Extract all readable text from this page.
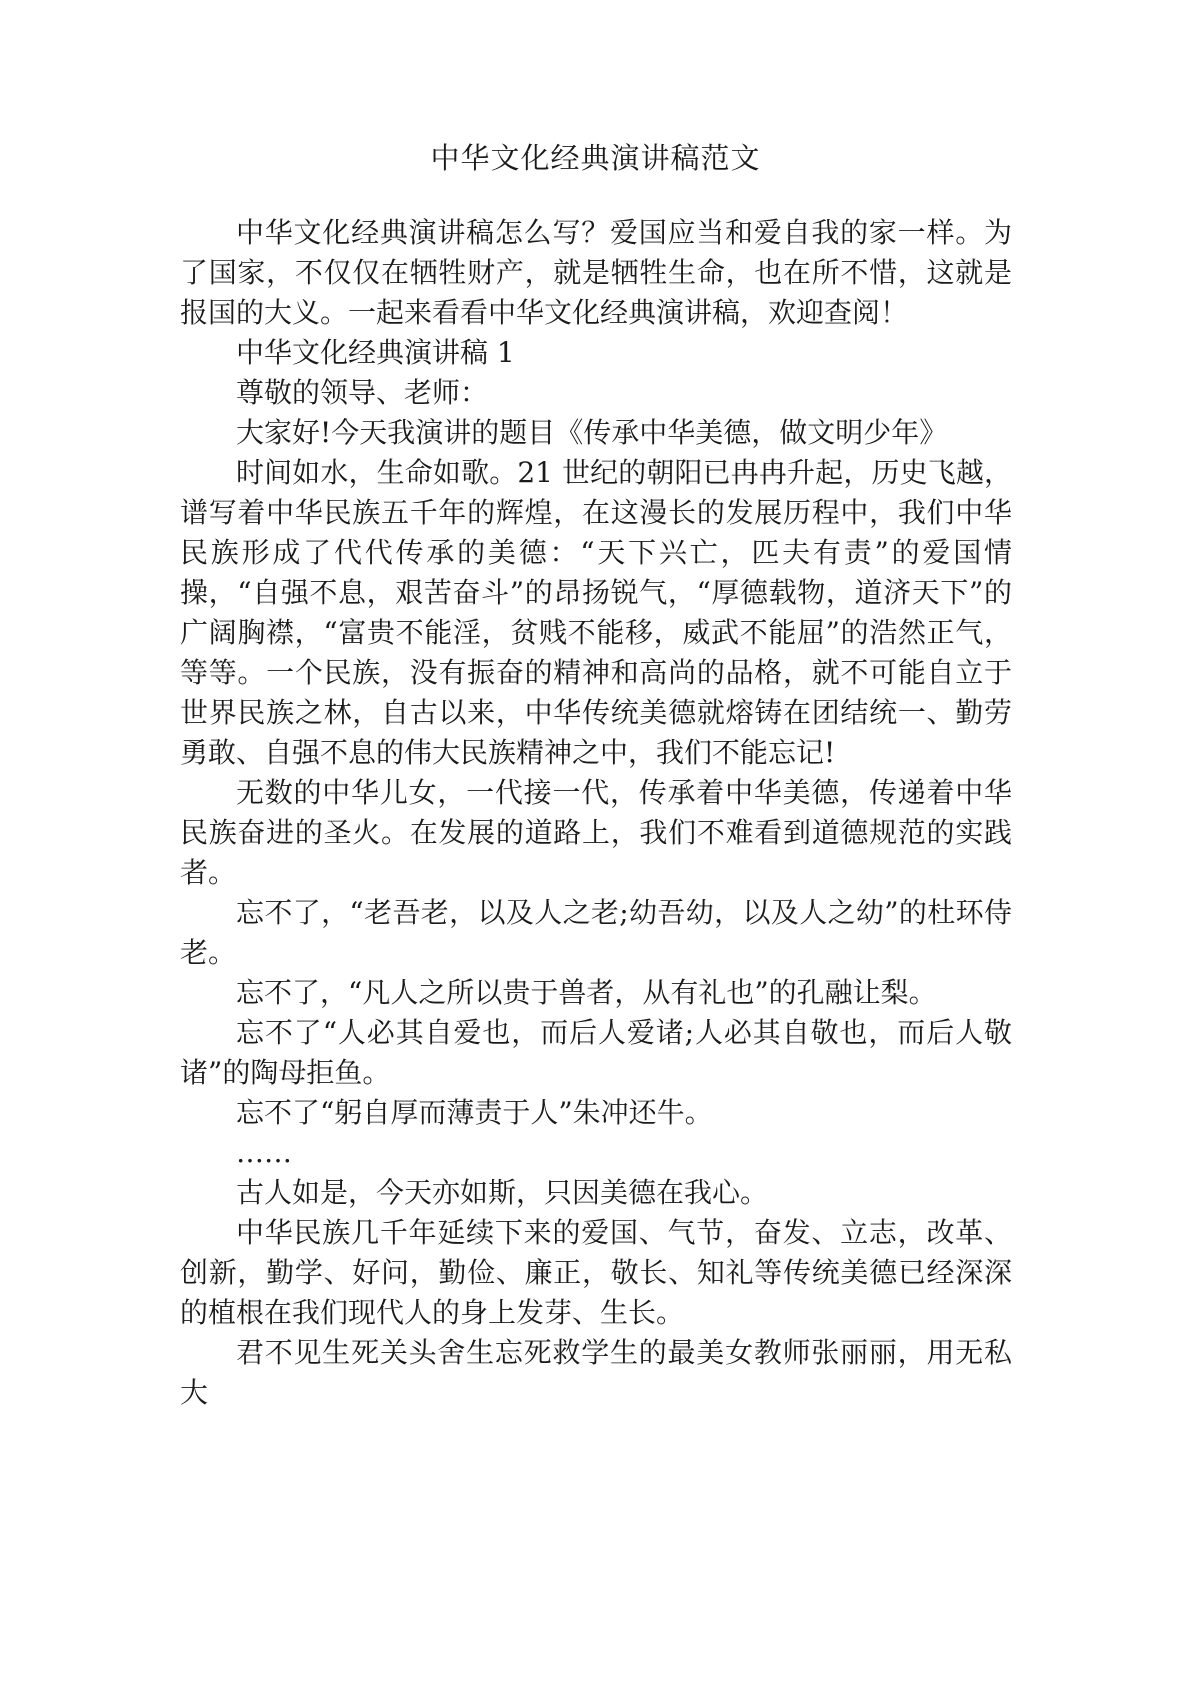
中华文化经典演讲稿范文

中华文化经典演讲稿怎么写？爱国应当和爱自我的家一样。为了国家，不仅仅在牺牲财产，就是牺牲生命，也在所不惜，这就是报国的大义。一起来看看中华文化经典演讲稿，欢迎查阅！

中华文化经典演讲稿 1

尊敬的领导、老师：

大家好!今天我演讲的题目《传承中华美德，做文明少年》

时间如水，生命如歌。21 世纪的朝阳已冉冉升起，历史飞越，谱写着中华民族五千年的辉煌，在这漫长的发展历程中，我们中华民族形成了代代传承的美德：“天下兴亡，匹夫有责”的爱国情操，“自强不息，艰苦奋斗”的昂扬锐气，“厚德载物，道济天下”的广阔胸襟，“富贵不能淫，贫贱不能移，威武不能屈”的浩然正气，等等。一个民族，没有振奋的精神和高尚的品格，就不可能自立于世界民族之林，自古以来，中华传统美德就熔铸在团结统一、勤劳勇敢、自强不息的伟大民族精神之中，我们不能忘记!

无数的中华儿女，一代接一代，传承着中华美德，传递着中华民族奋进的圣火。在发展的道路上，我们不难看到道德规范的实践者。

忘不了，“老吾老，以及人之老;幼吾幼，以及人之幼”的杜环侍老。

忘不了，“凡人之所以贵于兽者，从有礼也”的孔融让梨。

忘不了“人必其自爱也，而后人爱诸;人必其自敬也，而后人敬诸”的陶母拒鱼。

忘不了“躬自厚而薄责于人”朱冲还牛。

……

古人如是，今天亦如斯，只因美德在我心。

中华民族几千年延续下来的爱国、气节，奋发、立志，改革、创新，勤学、好问，勤俭、廉正，敬长、知礼等传统美德已经深深的植根在我们现代人的身上发芽、生长。

君不见生死关头舍生忘死救学生的最美女教师张丽丽，用无私大
